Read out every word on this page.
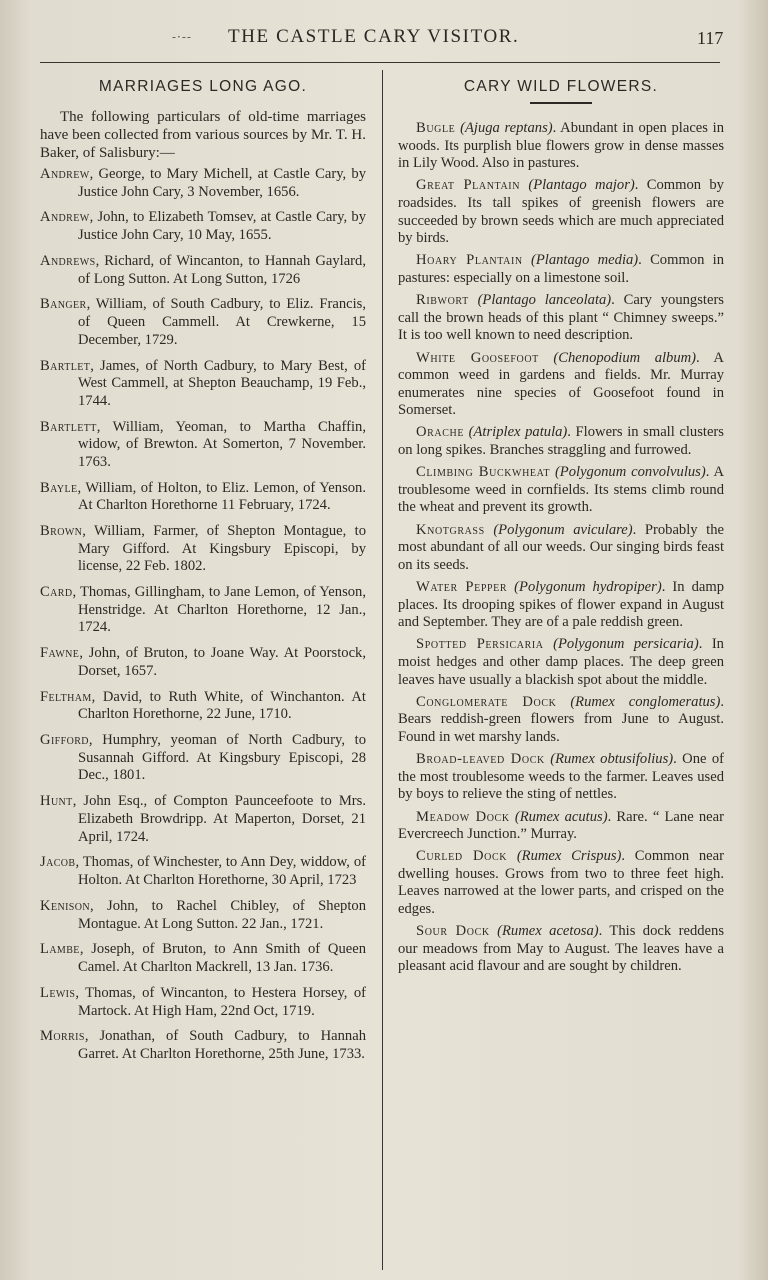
-·-- THE CASTLE CARY VISITOR.	117
MARRIAGES LONG AGO.

The following particulars of old-time marriages have been collected from various sources by Mr. T. H. Baker, of Salisbury:—

Andrew, George, to Mary Michell, at Castle Cary, by Justice John Cary, 3 November, 1656.

Andrew, John, to Elizabeth Tomsev, at Castle Cary, by Justice John Cary, 10 May, 1655.

Andrews, Richard, of Wincanton, to Hannah Gaylard, of Long Sutton. At Long Sutton, 1726

Banger, William, of South Cadbury, to Eliz. Francis, of Queen Cammell. At Crewkerne, 15 December, 1729.

Bartlet, James, of North Cadbury, to Mary Best, of West Cammell, at Shepton Beauchamp, 19 Feb., 1744.

Bartlett, William, Yeoman, to Martha Chaffin, widow, of Brewton. At Somerton, 7 November. 1763.

Bayle, William, of Holton, to Eliz. Lemon, of Yenson. At Charlton Horethorne 11 February, 1724.

Brown, William, Farmer, of Shepton Montague, to Mary Gifford. At Kingsbury Episcopi, by license, 22 Feb. 1802.

Card, Thomas, Gillingham, to Jane Lemon, of Yenson, Henstridge. At Charlton Horethorne, 12 Jan., 1724.

Fawne, John, of Bruton, to Joane Way. At Poorstock, Dorset, 1657.

Feltham, David, to Ruth White, of Winchanton. At Charlton Horethorne, 22 June, 1710.

Gifford, Humphry, yeoman of North Cadbury, to Susannah Gifford. At Kingsbury Episcopi, 28 Dec., 1801.

Hunt, John Esq., of Compton Paunceefoote to Mrs. Elizabeth Browdripp. At Maperton, Dorset, 21 April, 1724.

Jacob, Thomas, of Winchester, to Ann Dey, widdow, of Holton. At Charlton Horethorne, 30 April, 1723

Kenison, John, to Rachel Chibley, of Shepton Montague. At Long Sutton. 22 Jan., 1721.

Lambe, Joseph, of Bruton, to Ann Smith of Queen Camel. At Charlton Mackrell, 13 Jan. 1736.

Lewis, Thomas, of Wincanton, to Hestera Horsey, of Martock. At High Ham, 22nd Oct, 1719.

Morris, Jonathan, of South Cadbury, to Hannah Garret. At Charlton Horethorne, 25th June, 1733.

CARY WILD FLOWERS.

Bugle (Ajuga reptans). Abundant in open places in woods. Its purplish blue flowers grow in dense masses in Lily Wood. Also in pastures.

Great Plantain (Plantago major). Common by roadsides. Its tall spikes of greenish flowers are succeeded by brown seeds which are much appreciated by birds.

Hoary Plantain (Plantago media). Common in pastures: especially on a limestone soil.

Ribwort (Plantago lanceolata). Cary youngsters call the brown heads of this plant “ Chimney sweeps.” It is too well known to need description.

White Goosefoot (Chenopodium album). A common weed in gardens and fields. Mr. Murray enumerates nine species of Goosefoot found in Somerset.

Orache (Atriplex patula). Flowers in small clusters on long spikes. Branches straggling and furrowed.

Climbing Buckwheat (Polygonum convolvulus). A troublesome weed in cornfields. Its stems climb round the wheat and prevent its growth.

Knotgrass (Polygonum aviculare). Probably the most abundant of all our weeds. Our singing birds feast on its seeds.

Water Pepper (Polygonum hydropiper). In damp places. Its drooping spikes of flower expand in August and September. They are of a pale reddish green.

Spotted Persicaria (Polygonum persicaria). In moist hedges and other damp places. The deep green leaves have usually a blackish spot about the middle.

Conglomerate Dock (Rumex conglomeratus). Bears reddish-green flowers from June to August. Found in wet marshy lands.

Broad-leaved Dock (Rumex obtusifolius). One of the most troublesome weeds to the farmer. Leaves used by boys to relieve the sting of nettles.

Meadow Dock (Rumex acutus). Rare. “ Lane near Evercreech Junction.” Murray.

Curled Dock (Rumex Crispus). Common near dwelling houses. Grows from two to three feet high. Leaves narrowed at the lower parts, and crisped on the edges.

Sour Dock (Rumex acetosa). This dock reddens our meadows from May to August. The leaves have a pleasant acid flavour and are sought by children.
